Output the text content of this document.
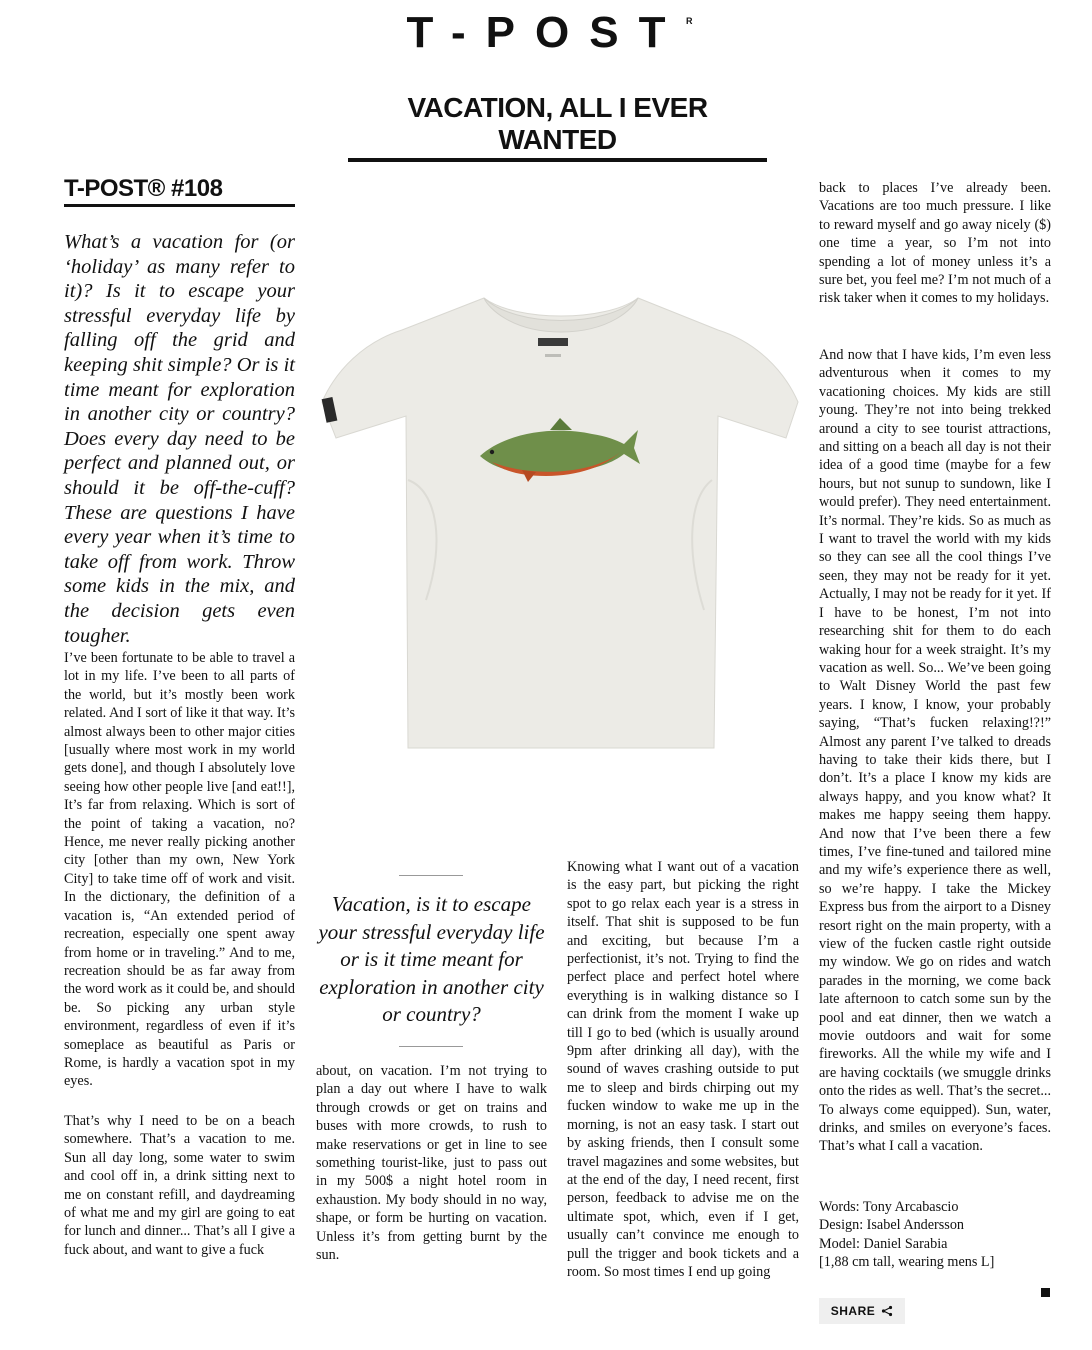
T-POST R
VACATION, ALL I EVER WANTED
T-POST® #108

What’s a vacation for (or ‘holiday’ as many refer to it)? Is it to escape your stressful everyday life by falling off the grid and keeping shit simple? Or is it time meant for exploration in another city or country? Does every day need to be perfect and planned out, or should it be off-the-cuff? These are questions I have every year when it’s time to take off from work. Throw some kids in the mix, and the decision gets even tougher.

I’ve been fortunate to be able to travel a lot in my life. I’ve been to all parts of the world, but it’s mostly been work related. And I sort of like it that way. It’s almost always been to other major cities [usually where most work in my world gets done], and though I absolutely love seeing how other people live [and eat!!], It’s far from relaxing. Which is sort of the point of taking a vacation, no? Hence, me never really picking another city [other than my own, New York City] to take time off of work and visit. In the dictionary, the definition of a vacation is, “An extended period of recreation, especially one spent away from home or in traveling.” And to me, recreation should be as far away from the word work as it could be, and should be. So picking any urban style environment, regardless of even if it’s someplace as beautiful as Paris or Rome, is hardly a vacation spot in my eyes.

That’s why I need to be on a beach somewhere. That’s a vacation to me. Sun all day long, some water to swim and cool off in, a drink sitting next to me on constant refill, and daydreaming of what me and my girl are going to eat for lunch and dinner... That’s all I give a fuck about, and want to give a fuck

Vacation, is it to escape your stressful everyday life or is it time meant for exploration in another city or country?

about, on vacation. I’m not trying to plan a day out where I have to walk through crowds or get on trains and buses with more crowds, to rush to make reservations or get in line to see something tourist-like, just to pass out in my 500$ a night hotel room in exhaustion. My body should in no way, shape, or form be hurting on vacation. Unless it’s from getting burnt by the sun.

Knowing what I want out of a vacation is the easy part, but picking the right spot to go relax each year is a stress in itself. That shit is supposed to be fun and exciting, but because I’m a perfectionist, it’s not. Trying to find the perfect place and perfect hotel where everything is in walking distance so I can drink from the moment I wake up till I go to bed (which is usually around 9pm after drinking all day), with the sound of waves crashing outside to put me to sleep and birds chirping out my fucken window to wake me up in the morning, is not an easy task. I start out by asking friends, then I consult some travel magazines and some websites, but at the end of the day, I need recent, first person, feedback to advise me on the ultimate spot, which, even if I get, usually can’t convince me enough to pull the trigger and book tickets and a room. So most times I end up going

back to places I’ve already been. Vacations are too much pressure. I like to reward myself and go away nicely ($) one time a year, so I’m not into spending a lot of money unless it’s a sure bet, you feel me? I’m not much of a risk taker when it comes to my holidays.

And now that I have kids, I’m even less adventurous when it comes to my vacationing choices. My kids are still young. They’re not into being trekked around a city to see tourist attractions, and sitting on a beach all day is not their idea of a good time (maybe for a few hours, but not sunup to sundown, like I would prefer). They need entertainment. It’s normal. They’re kids. So as much as I want to travel the world with my kids so they can see all the cool things I’ve seen, they may not be ready for it yet. Actually, I may not be ready for it yet. If I have to be honest, I’m not into researching shit for them to do each waking hour for a week straight. It’s my vacation as well. So... We’ve been going to Walt Disney World the past few years. I know, I know, your probably saying, “That’s fucken relaxing!?!” Almost any parent I’ve talked to dreads having to take their kids there, but I don’t. It’s a place I know my kids are always happy, and you know what? It makes me happy seeing them happy. And now that I’ve been there a few times, I’ve fine-tuned and tailored mine and my wife’s experience there as well, so we’re happy. I take the Mickey Express bus from the airport to a Disney resort right on the main property, with a view of the fucken castle right outside my window. We go on rides and watch parades in the morning, we come back late afternoon to catch some sun by the pool and eat dinner, then we watch a movie outdoors and wait for some fireworks. All the while my wife and I are having cocktails (we smuggle drinks onto the rides as well. That’s the secret... To always come equipped). Sun, water, drinks, and smiles on everyone’s faces. That’s what I call a vacation.

Words: Tony Arcabascio
Design: Isabel Andersson
Model: Daniel Sarabia
[1,88 cm tall, wearing mens L]
SHARE
